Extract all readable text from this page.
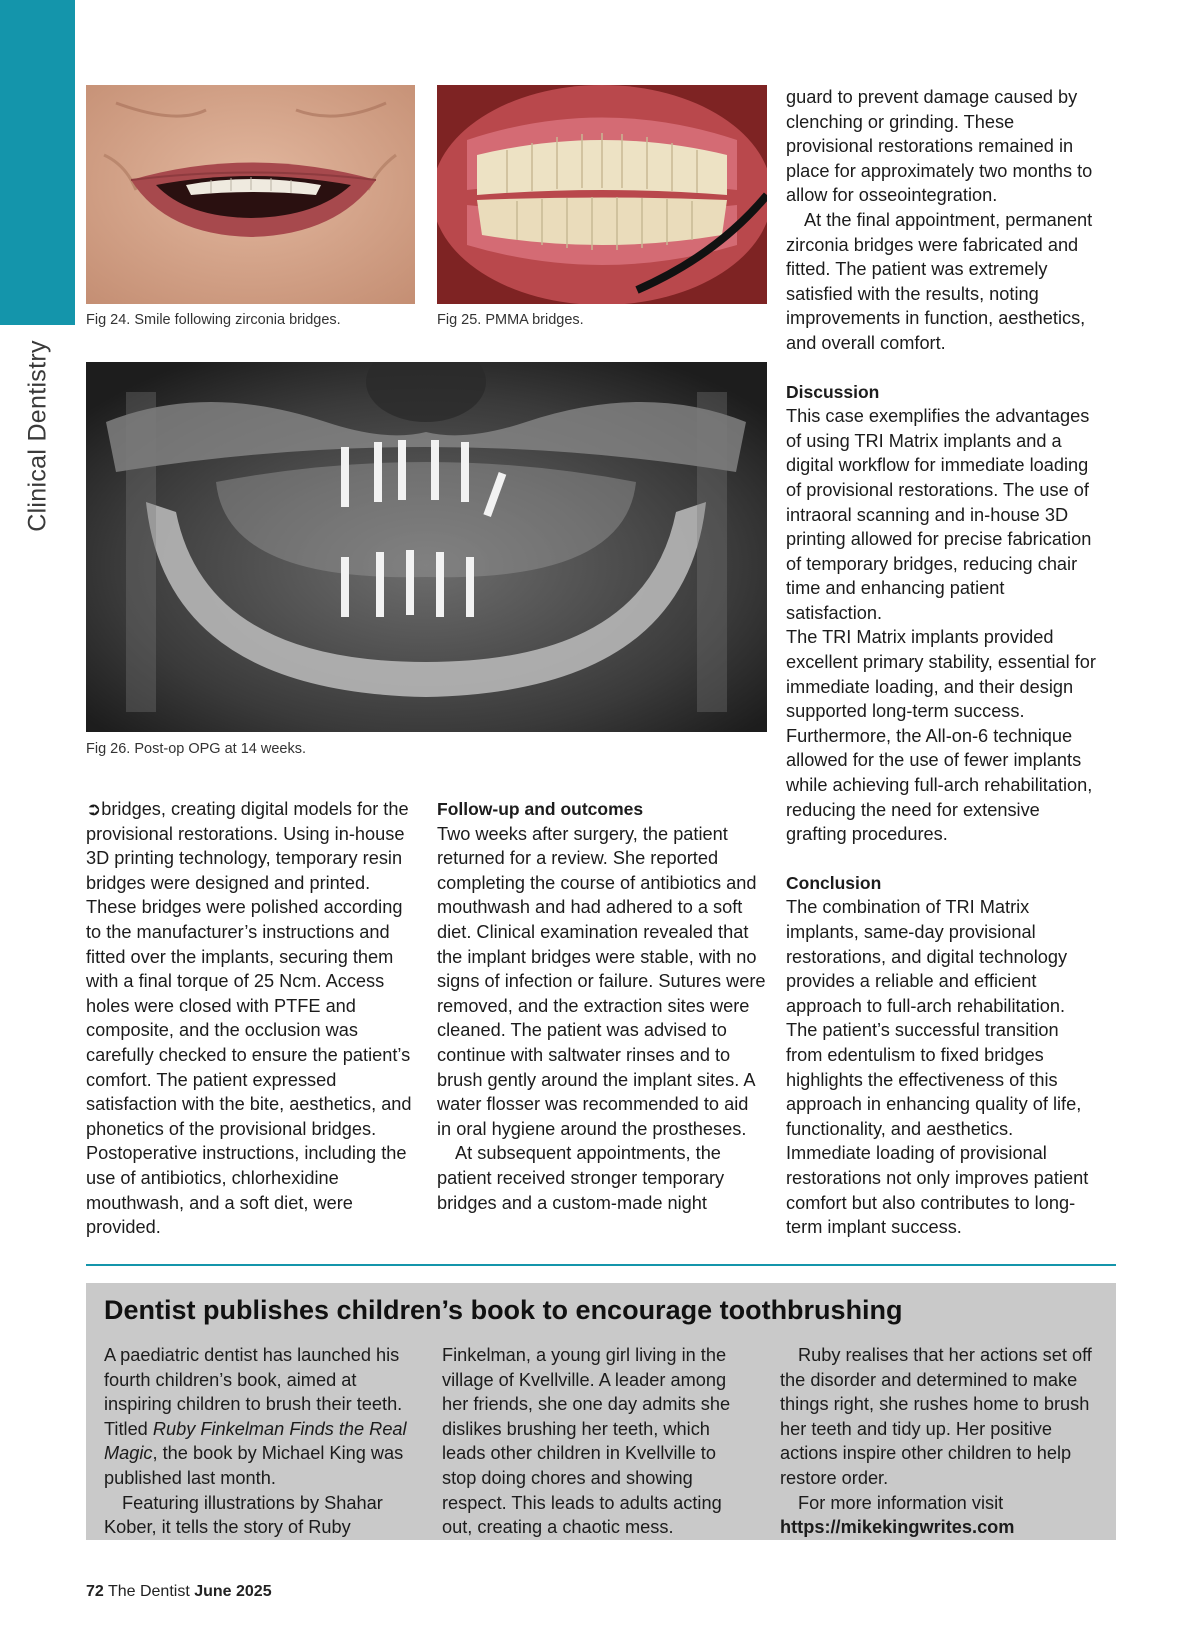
Clinical Dentistry
Fig 24. Smile following zirconia bridges.	Fig 25. PMMA bridges.
Fig 26. Post-op OPG at 14 weeks.

➲bridges, creating digital models for the provisional restorations. Using in-house 3D printing technology, temporary resin bridges were designed and printed. These bridges were polished according to the manufacturer’s instructions and fitted over the implants, securing them with a final torque of 25 Ncm. Access holes were closed with PTFE and composite, and the occlusion was carefully checked to ensure the patient’s comfort. The patient expressed satisfaction with the bite, aesthetics, and phonetics of the provisional bridges. Postoperative instructions, including the use of antibiotics, chlorhexidine mouthwash, and a soft diet, were provided.

Follow-up and outcomes

Two weeks after surgery, the patient returned for a review. She reported completing the course of antibiotics and mouthwash and had adhered to a soft diet. Clinical examination revealed that the implant bridges were stable, with no signs of infection or failure. Sutures were removed, and the extraction sites were cleaned. The patient was advised to continue with saltwater rinses and to brush gently around the implant sites. A water flosser was recommended to aid in oral hygiene around the prostheses.

At subsequent appointments, the patient received stronger temporary bridges and a custom-made night

guard to prevent damage caused by clenching or grinding. These provisional restorations remained in place for approximately two months to allow for osseointegration.

At the final appointment, permanent zirconia bridges were fabricated and fitted. The patient was extremely satisfied with the results, noting improvements in function, aesthetics, and overall comfort.

Discussion

This case exemplifies the advantages of using TRI Matrix implants and a digital workflow for immediate loading of provisional restorations. The use of intraoral scanning and in-house 3D printing allowed for precise fabrication of temporary bridges, reducing chair time and enhancing patient satisfaction.

The TRI Matrix implants provided excellent primary stability, essential for immediate loading, and their design supported long-term success. Furthermore, the All-on-6 technique allowed for the use of fewer implants while achieving full-arch rehabilitation, reducing the need for extensive grafting procedures.

Conclusion

The combination of TRI Matrix implants, same-day provisional restorations, and digital technology provides a reliable and efficient approach to full-arch rehabilitation. The patient’s successful transition from edentulism to fixed bridges highlights the effectiveness of this approach in enhancing quality of life, functionality, and aesthetics. Immediate loading of provisional restorations not only improves patient comfort but also contributes to long-term implant success.

Dentist publishes children’s book to encourage toothbrushing

A paediatric dentist has launched his fourth children’s book, aimed at inspiring children to brush their teeth. Titled Ruby Finkelman Finds the Real Magic, the book by Michael King was published last month.

Featuring illustrations by Shahar Kober, it tells the story of Ruby

Finkelman, a young girl living in the village of Kvellville. A leader among her friends, she one day admits she dislikes brushing her teeth, which leads other children in Kvellville to stop doing chores and showing respect. This leads to adults acting out, creating a chaotic mess.

Ruby realises that her actions set off the disorder and determined to make things right, she rushes home to brush her teeth and tidy up. Her positive actions inspire other children to help restore order.

For more information visit https://mikekingwrites.com

72 The Dentist June 2025
